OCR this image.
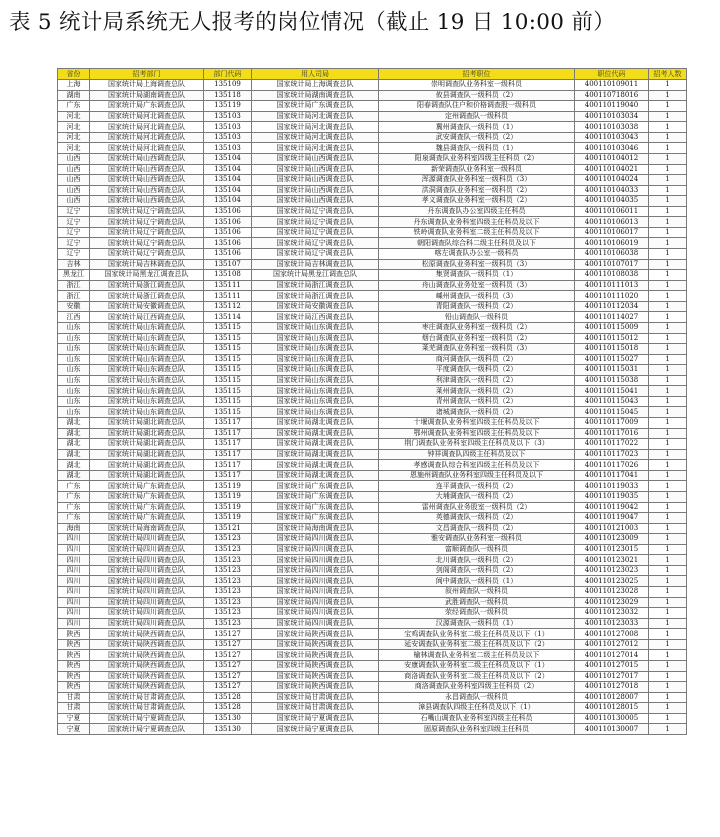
表 5 统计局系统无人报考的岗位情况（截止 19 日 10:00 前）
省份	招考部门	部门代码	用人司局	招考职位	职位代码	招考人数
上海	国家统计局上海调查总队	135109	国家统计局上海调查总队	崇明调查队业务科室一级科员	400110109011	1
湖南	国家统计局湖南调查总队	135118	国家统计局湖南调查总队	攸县调查队一级科员（2）	400110718016	1
广东	国家统计局广东调查总队	135119	国家统计局广东调查总队	阳春调查队住户和价格调查股一级科员	400110119040	1
河北	国家统计局河北调查总队	135103	国家统计局河北调查总队	定州调查队一级科员	400110103034	1
河北	国家统计局河北调查总队	135103	国家统计局河北调查总队	冀州调查队一级科员（1）	400110103038	1
河北	国家统计局河北调查总队	135103	国家统计局河北调查总队	武安调查队一级科员（2）	400110103043	1
河北	国家统计局河北调查总队	135103	国家统计局河北调查总队	魏县调查队一级科员（1）	400110103046	1
山西	国家统计局山西调查总队	135104	国家统计局山西调查总队	阳泉调查队业务科室四级主任科员（2）	400110104012	1
山西	国家统计局山西调查总队	135104	国家统计局山西调查总队	新荣调查队业务科室一级科员	400110104021	1
山西	国家统计局山西调查总队	135104	国家统计局山西调查总队	浑源调查队业务科室一级科员（3）	400110104024	1
山西	国家统计局山西调查总队	135104	国家统计局山西调查总队	洪洞调查队业务科室一级科员（2）	400110104033	1
山西	国家统计局山西调查总队	135104	国家统计局山西调查总队	孝义调查队业务科室一级科员（2）	400110104035	1
辽宁	国家统计局辽宁调查总队	135106	国家统计局辽宁调查总队	丹东调查队办公室四级主任科员	400110106011	1
辽宁	国家统计局辽宁调查总队	135106	国家统计局辽宁调查总队	丹东调查队业务科室四级主任科员及以下	400110106013	1
辽宁	国家统计局辽宁调查总队	135106	国家统计局辽宁调查总队	铁岭调查队业务科室二级主任科员及以下	400110106017	1
辽宁	国家统计局辽宁调查总队	135106	国家统计局辽宁调查总队	朝阳调查队综合科二级主任科员及以下	400110106019	1
辽宁	国家统计局辽宁调查总队	135106	国家统计局辽宁调查总队	喀左调查队办公室一级科员	400110106038	1
吉林	国家统计局吉林调查总队	135107	国家统计局吉林调查总队	松原调查队业务科室一级科员（3）	400110107017	1
黑龙江	国家统计局黑龙江调查总队	135108	国家统计局黑龙江调查总队	集贤调查队一级科员（1）	400110108038	1
浙江	国家统计局浙江调查总队	135111	国家统计局浙江调查总队	舟山调查队业务处室一级科员（3）	400110111013	1
浙江	国家统计局浙江调查总队	135111	国家统计局浙江调查总队	嵊州调查队一级科员（3）	400110111020	1
安徽	国家统计局安徽调查总队	135112	国家统计局安徽调查总队	青阳调查队一级科员（2）	400110112034	1
江西	国家统计局江西调查总队	135114	国家统计局江西调查总队	铅山调查队一级科员	400110114027	1
山东	国家统计局山东调查总队	135115	国家统计局山东调查总队	枣庄调查队业务科室一级科员（2）	400110115009	1
山东	国家统计局山东调查总队	135115	国家统计局山东调查总队	烟台调查队业务科室一级科员（2）	400110115012	1
山东	国家统计局山东调查总队	135115	国家统计局山东调查总队	莱芜调查队业务科室一级科员（3）	400110115018	1
山东	国家统计局山东调查总队	135115	国家统计局山东调查总队	商河调查队一级科员（2）	400110115027	1
山东	国家统计局山东调查总队	135115	国家统计局山东调查总队	平度调查队一级科员（2）	400110115031	1
山东	国家统计局山东调查总队	135115	国家统计局山东调查总队	利津调查队一级科员（2）	400110115038	1
山东	国家统计局山东调查总队	135115	国家统计局山东调查总队	莱州调查队一级科员（2）	400110115041	1
山东	国家统计局山东调查总队	135115	国家统计局山东调查总队	青州调查队一级科员（2）	400110115043	1
山东	国家统计局山东调查总队	135115	国家统计局山东调查总队	诸城调查队一级科员（2）	400110115045	1
湖北	国家统计局湖北调查总队	135117	国家统计局湖北调查总队	十堰调查队业务科室四级主任科员及以下	400110117009	1
湖北	国家统计局湖北调查总队	135117	国家统计局湖北调查总队	鄂州调查队业务科室四级主任科员及以下	400110117016	1
湖北	国家统计局湖北调查总队	135117	国家统计局湖北调查总队	荆门调查队业务科室四级主任科员及以下（3）	400110117022	1
湖北	国家统计局湖北调查总队	135117	国家统计局湖北调查总队	钟祥调查队四级主任科员及以下	400110117023	1
湖北	国家统计局湖北调查总队	135117	国家统计局湖北调查总队	孝感调查队综合科室四级主任科员及以下	400110117026	1
湖北	国家统计局湖北调查总队	135117	国家统计局湖北调查总队	恩施州调查队业务科室四级主任科员及以下	400110117041	1
广东	国家统计局广东调查总队	135119	国家统计局广东调查总队	连平调查队一级科员（2）	400110119033	1
广东	国家统计局广东调查总队	135119	国家统计局广东调查总队	大埔调查队一级科员（2）	400110119035	1
广东	国家统计局广东调查总队	135119	国家统计局广东调查总队	雷州调查队业务股室一级科员（2）	400110119042	1
广东	国家统计局广东调查总队	135119	国家统计局广东调查总队	英德调查队一级科员（2）	400110119047	1
海南	国家统计局海南调查总队	135121	国家统计局海南调查总队	文昌调查队一级科员（2）	400110121003	1
四川	国家统计局四川调查总队	135123	国家统计局四川调查总队	雅安调查队业务科室一级科员	400110123009	1
四川	国家统计局四川调查总队	135123	国家统计局四川调查总队	富顺调查队一级科员	400110123015	1
四川	国家统计局四川调查总队	135123	国家统计局四川调查总队	北川调查队一级科员（2）	400110123021	1
四川	国家统计局四川调查总队	135123	国家统计局四川调查总队	剑阁调查队一级科员（2）	400110123023	1
四川	国家统计局四川调查总队	135123	国家统计局四川调查总队	阆中调查队一级科员（1）	400110123025	1
四川	国家统计局四川调查总队	135123	国家统计局四川调查总队	叙州调查队一级科员	400110123028	1
四川	国家统计局四川调查总队	135123	国家统计局四川调查总队	武胜调查队一级科员	400110123029	1
四川	国家统计局四川调查总队	135123	国家统计局四川调查总队	荥经调查队一级科员	400110123032	1
四川	国家统计局四川调查总队	135123	国家统计局四川调查总队	汉源调查队一级科员（1）	400110123033	1
陕西	国家统计局陕西调查总队	135127	国家统计局陕西调查总队	宝鸡调查队业务科室二级主任科员及以下（1）	400110127008	1
陕西	国家统计局陕西调查总队	135127	国家统计局陕西调查总队	延安调查队业务科室二级主任科员及以下（2）	400110127012	1
陕西	国家统计局陕西调查总队	135127	国家统计局陕西调查总队	榆林调查队业务科室二级主任科员及以下	400110127014	1
陕西	国家统计局陕西调查总队	135127	国家统计局陕西调查总队	安康调查队业务科室二级主任科员及以下（1）	400110127015	1
陕西	国家统计局陕西调查总队	135127	国家统计局陕西调查总队	商洛调查队业务科室二级主任科员及以下（2）	400110127017	1
陕西	国家统计局陕西调查总队	135127	国家统计局陕西调查总队	商洛调查队业务科室四级主任科员（2）	400110127018	1
甘肃	国家统计局甘肃调查总队	135128	国家统计局甘肃调查总队	永昌调查队一级科员	400110128007	1
甘肃	国家统计局甘肃调查总队	135128	国家统计局甘肃调查总队	漳县调查队四级主任科员及以下（1）	400110128015	1
宁夏	国家统计局宁夏调查总队	135130	国家统计局宁夏调查总队	石嘴山调查队业务科室四级主任科员	400110130005	1
宁夏	国家统计局宁夏调查总队	135130	国家统计局宁夏调查总队	固原调查队业务科室四级主任科员	400110130007	1
